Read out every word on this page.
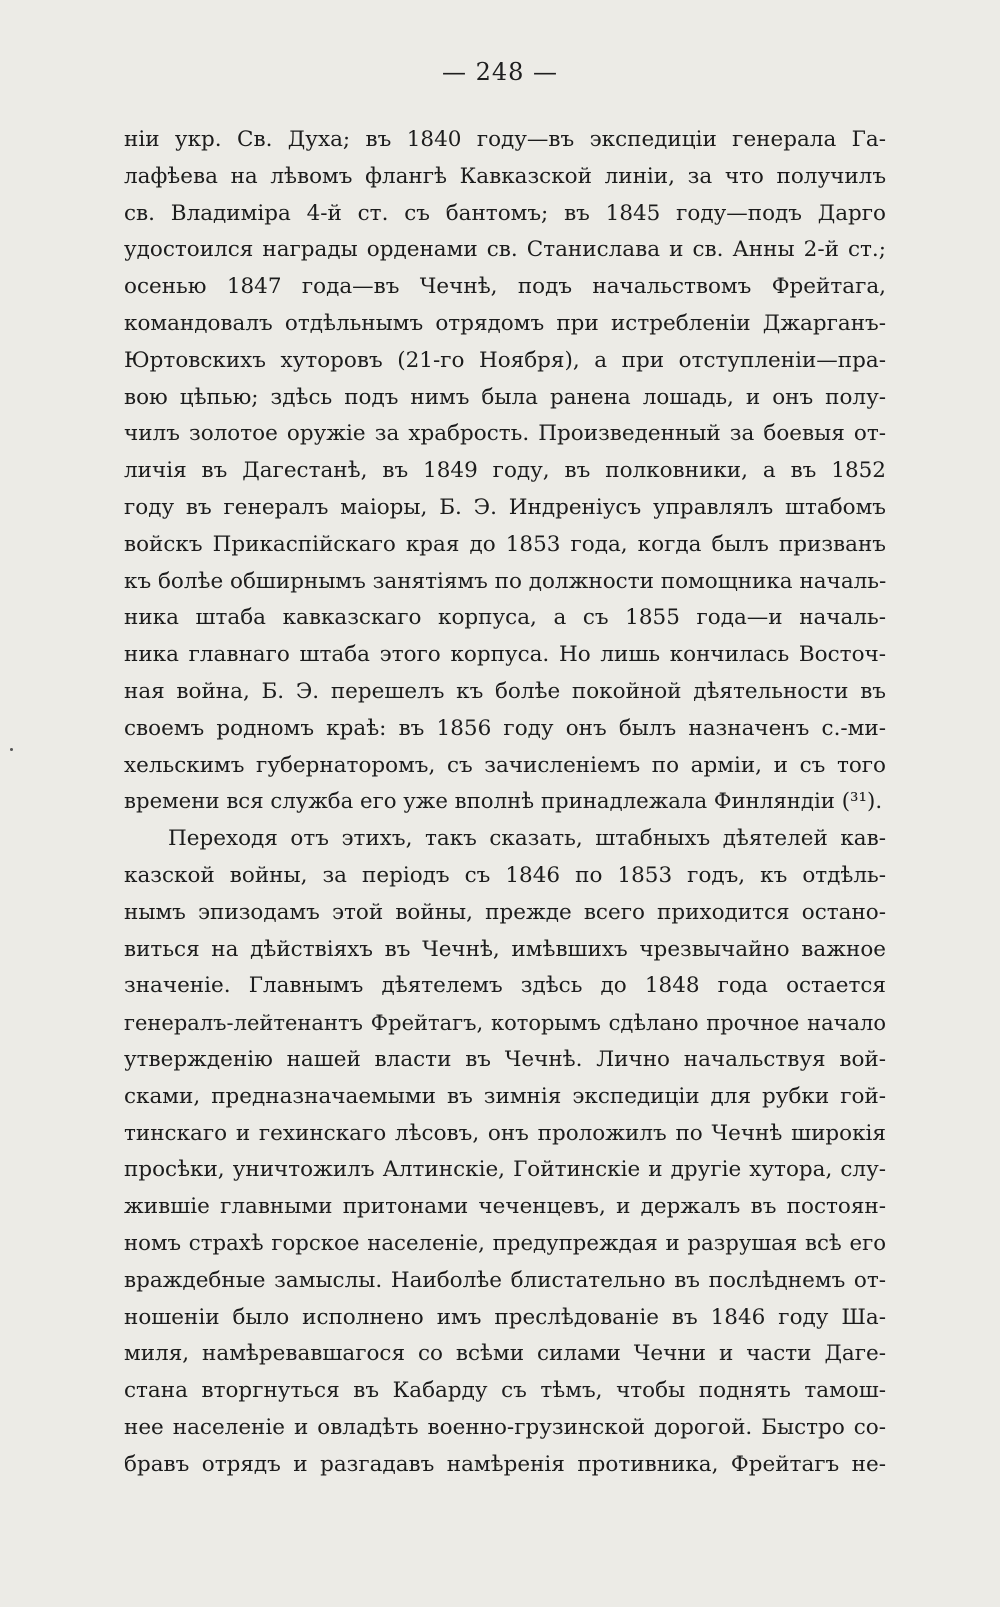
— 248 —
ніи укр. Св. Духа; въ 1840 году—въ экспедиціи генерала Га-
лафѣева на лѣвомъ флангѣ Кавказской линіи, за что получилъ
св. Владиміра 4-й ст. съ бантомъ; въ 1845 году—подъ Дарго
удостоился награды орденами св. Станислава и св. Анны 2-й ст.;
осенью 1847 года—въ Чечнѣ, подъ начальствомъ Фрейтага,
командовалъ отдѣльнымъ отрядомъ при истребленіи Джарганъ-
Юртовскихъ хуторовъ (21-го Ноября), а при отступленіи—пра-
вою цѣпью; здѣсь подъ нимъ была ранена лошадь, и онъ полу-
чилъ золотое оружіе за храбрость. Произведенный за боевыя от-
личія въ Дагестанѣ, въ 1849 году, въ полковники, а въ 1852
году въ генералъ маіоры, Б. Э. Индреніусъ управлялъ штабомъ
войскъ Прикаспійскаго края до 1853 года, когда былъ призванъ
къ болѣе обширнымъ занятіямъ по должности помощника началь-
ника штаба кавказскаго корпуса, а съ 1855 года—и началь-
ника главнаго штаба этого корпуса. Но лишь кончилась Восточ-
ная война, Б. Э. перешелъ къ болѣе покойной дѣятельности въ
своемъ родномъ краѣ: въ 1856 году онъ былъ назначенъ с.-ми-
хельскимъ губернаторомъ, съ зачисленіемъ по арміи, и съ того
времени вся служба его уже вполнѣ принадлежала Финляндіи (³¹).
Переходя отъ этихъ, такъ сказать, штабныхъ дѣятелей кав-
казской войны, за періодъ съ 1846 по 1853 годъ, къ отдѣль-
нымъ эпизодамъ этой войны, прежде всего приходится остано-
виться на дѣйствіяхъ въ Чечнѣ, имѣвшихъ чрезвычайно важное
значеніе. Главнымъ дѣятелемъ здѣсь до 1848 года остается
генералъ-лейтенантъ Фрейтагъ, которымъ сдѣлано прочное начало
утвержденію нашей власти въ Чечнѣ. Лично начальствуя вой-
сками, предназначаемыми въ зимнія экспедиціи для рубки гой-
тинскаго и гехинскаго лѣсовъ, онъ проложилъ по Чечнѣ широкія
просѣки, уничтожилъ Алтинскіе, Гойтинскіе и другіе хутора, слу-
жившіе главными притонами чеченцевъ, и держалъ въ постоян-
номъ страхѣ горское населеніе, предупреждая и разрушая всѣ его
враждебные замыслы. Наиболѣе блистательно въ послѣднемъ от-
ношеніи было исполнено имъ преслѣдованіе въ 1846 году Ша-
миля, намѣревавшагося со всѣми силами Чечни и части Даге-
стана вторгнуться въ Кабарду съ тѣмъ, чтобы поднять тамош-
нее населеніе и овладѣть военно-грузинской дорогой. Быстро со-
бравъ отрядъ и разгадавъ намѣренія противника, Фрейтагъ не-
